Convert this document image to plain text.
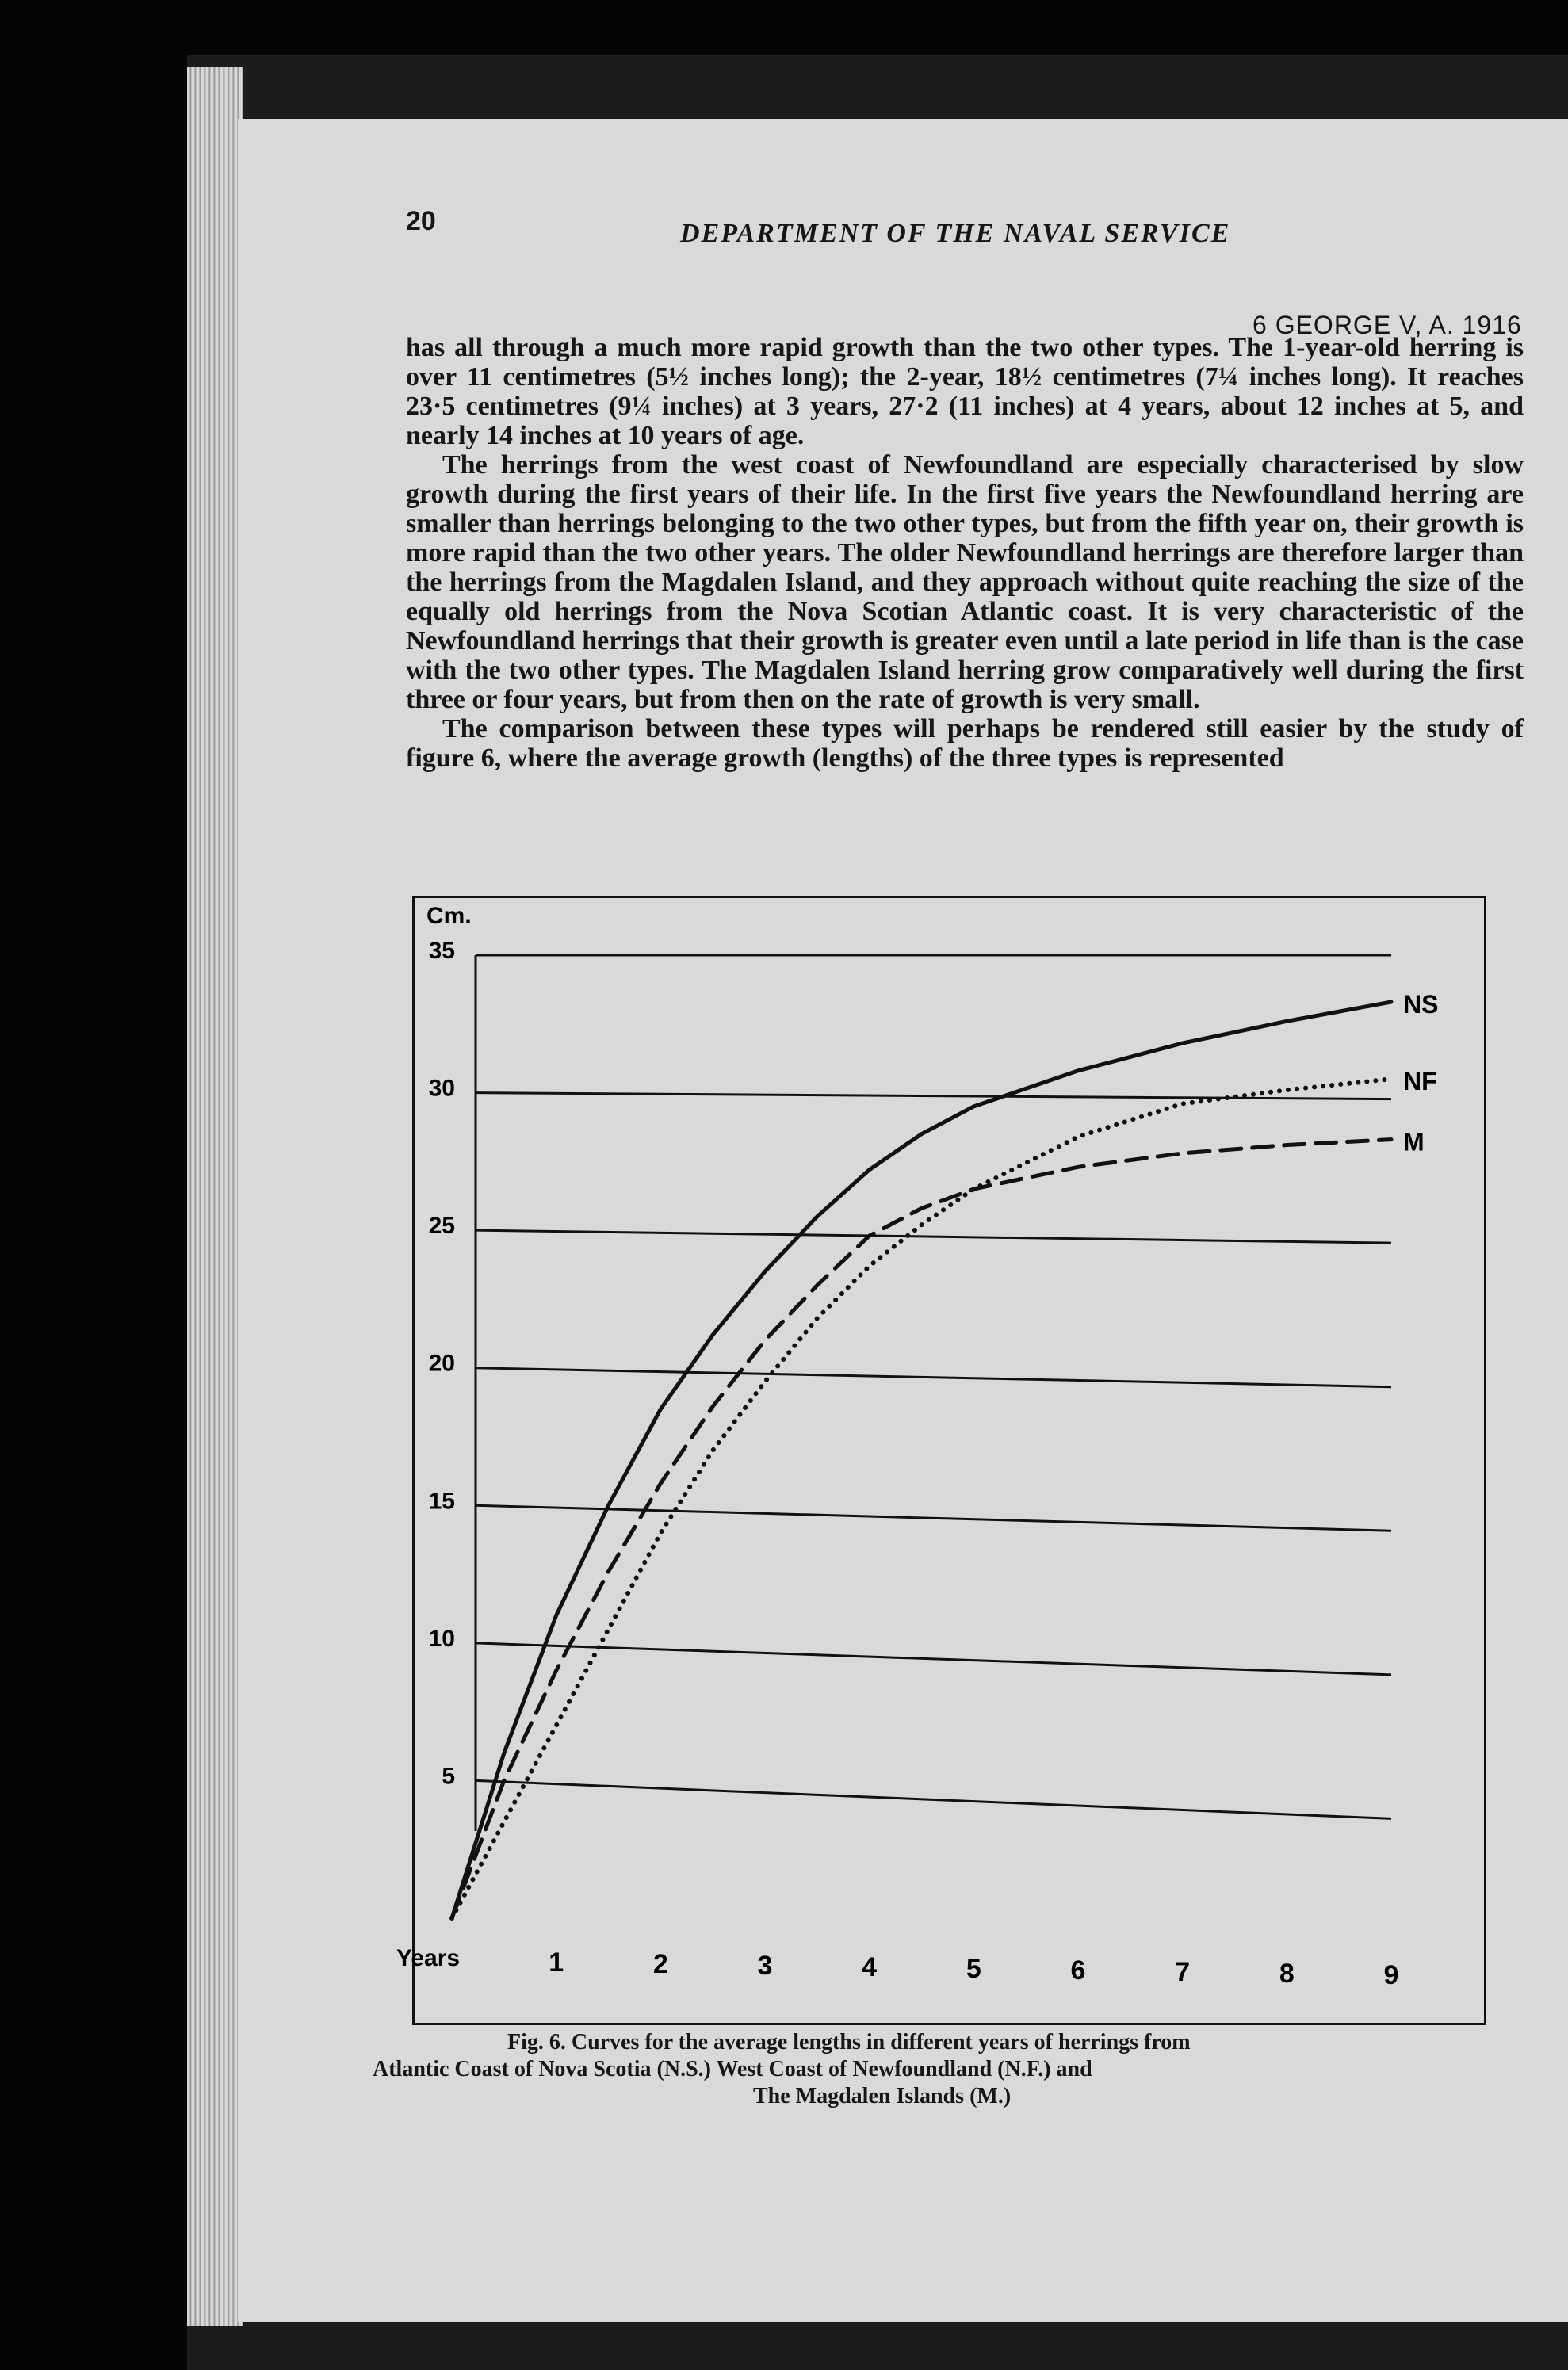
20	DEPARTMENT OF THE NAVAL SERVICE
6 GEORGE V, A. 1916

has all through a much more rapid growth than the two other types. The 1-year-old herring is over 11 centimetres (5½ inches long); the 2-year, 18½ centimetres (7¼ inches long). It reaches 23·5 centimetres (9¼ inches) at 3 years, 27·2 (11 inches) at 4 years, about 12 inches at 5, and nearly 14 inches at 10 years of age.

The herrings from the west coast of Newfoundland are especially characterised by slow growth during the first years of their life. In the first five years the Newfoundland herring are smaller than herrings belonging to the two other types, but from the fifth year on, their growth is more rapid than the two other years. The older Newfoundland herrings are therefore larger than the herrings from the Magdalen Island, and they approach without quite reaching the size of the equally old herrings from the Nova Scotian Atlantic coast. It is very characteristic of the Newfoundland herrings that their growth is greater even until a late period in life than is the case with the two other types. The Magdalen Island herring grow comparatively well during the first three or four years, but from then on the rate of growth is very small.

The comparison between these types will perhaps be rendered still easier by the study of figure 6, where the average growth (lengths) of the three types is represented

5
10
15
20
25
30
35
Cm.
Years	1	2	3	4	5	6	7	8	9
NS
NF
M
Fig. 6. Curves for the average lengths in different years of herrings from
Atlantic Coast of Nova Scotia (N.S.) West Coast of Newfoundland (N.F.) and
The Magdalen Islands (M.)
